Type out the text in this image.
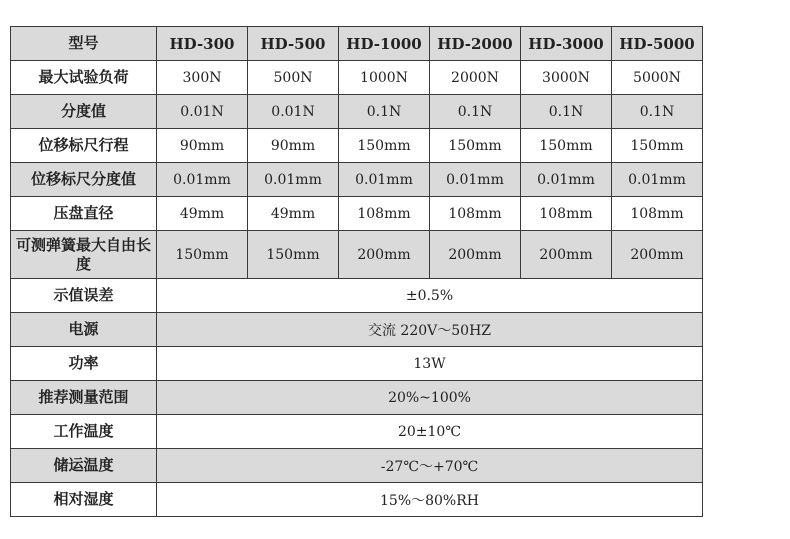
型号	HD-300	HD-500	HD-1000	HD-2000	HD-3000	HD-5000
最大试验负荷	300N	500N	1000N	2000N	3000N	5000N
分度值	0.01N	0.01N	0.1N	0.1N	0.1N	0.1N
位移标尺行程	90mm	90mm	150mm	150mm	150mm	150mm
位移标尺分度值	0.01mm	0.01mm	0.01mm	0.01mm	0.01mm	0.01mm
压盘直径	49mm	49mm	108mm	108mm	108mm	108mm
可测弹簧最大自由长度	150mm	150mm	200mm	200mm	200mm	200mm
示值误差	±0.5%					
电源	交流 220V～50HZ					
功率	13W					
推荐测量范围	20%~100%					
工作温度	20±10℃					
储运温度	-27℃～+70℃					
相对湿度	15%～80%RH					
